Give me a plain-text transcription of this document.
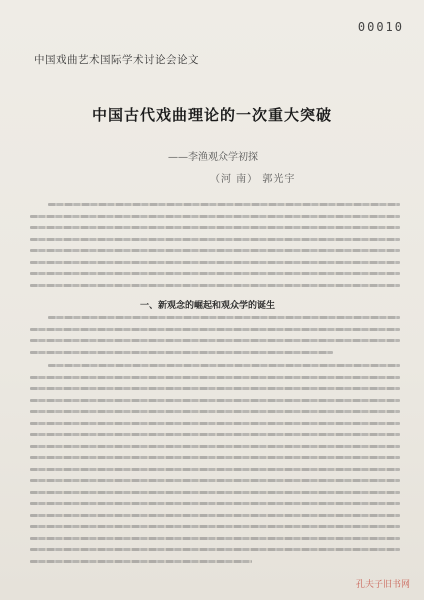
00010
中国戏曲艺术国际学术讨论会论文
中国古代戏曲理论的一次重大突破
——李渔观众学初探
（河 南） 郭光宇
一、新观念的崛起和观众学的诞生
孔夫子旧书网
